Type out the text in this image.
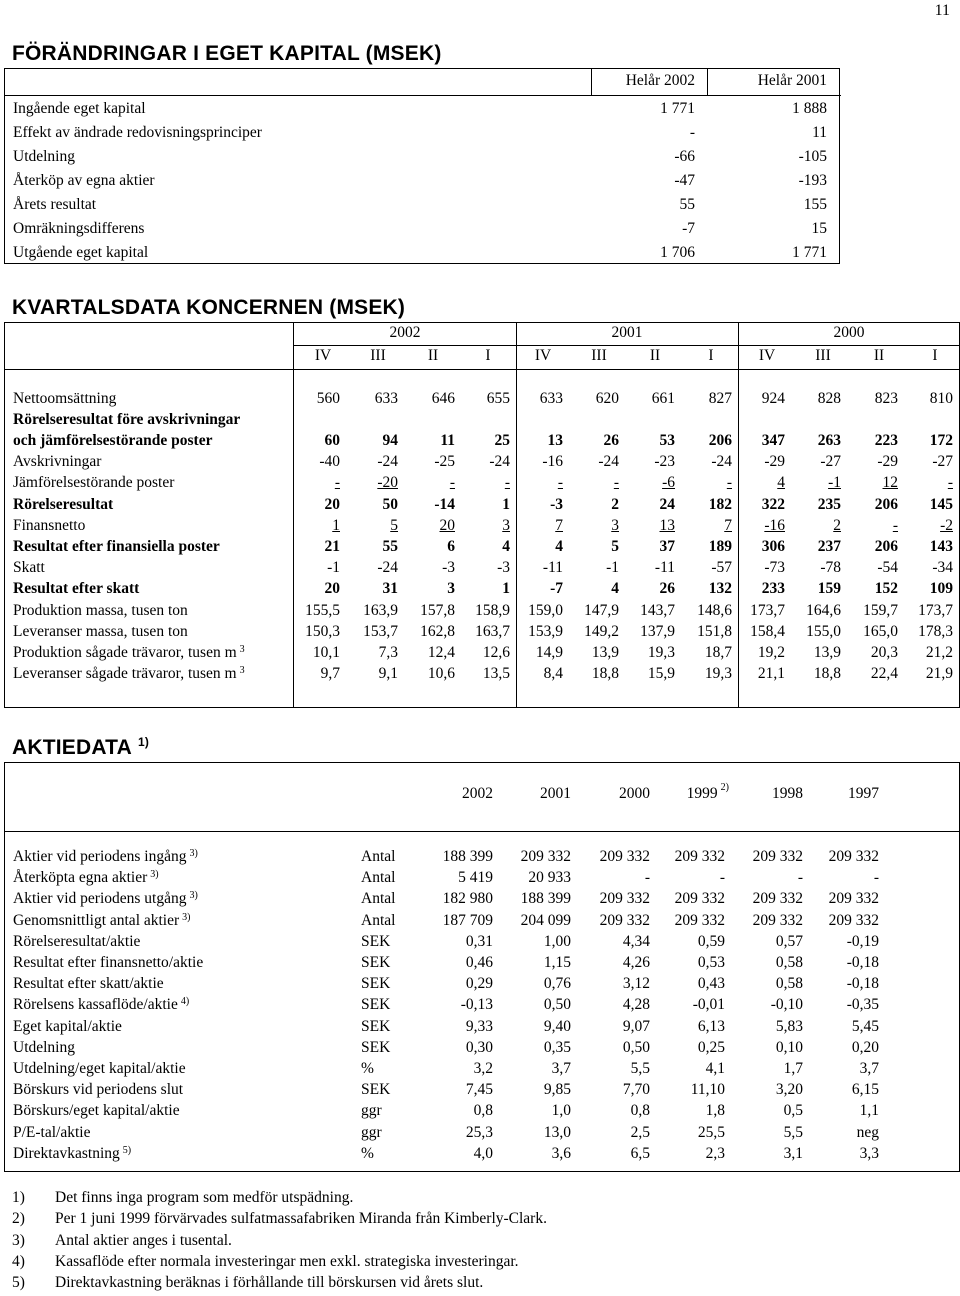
11
FÖRÄNDRINGAR I EGET KAPITAL (MSEK)
Helår 2002	Helår 2001
Ingående eget kapital	1 771	1 888
Effekt av ändrade redovisningsprinciper	-	11
Utdelning	-66	-105
Återköp av egna aktier	-47	-193
Årets resultat	55	155
Omräkningsdifferens	-7	15
Utgående eget kapital	1 706	1 771
KVARTALSDATA KONCERNEN (MSEK)
2002	2001	2000
IV	III	II	I	IV	III	II	I	IV	III	II	I
Nettoomsättning	560	633	646	655	633	620	661	827	924	828	823	810
Rörelseresultat före avskrivningar
och jämförelsestörande poster	60	94	11	25	13	26	53	206	347	263	223	172
Avskrivningar	-40	-24	-25	-24	-16	-24	-23	-24	-29	-27	-29	-27
Jämförelsestörande poster	-	-20	-	-	-	-	-6	-	4	-1	12	-
Rörelseresultat	20	50	-14	1	-3	2	24	182	322	235	206	145
Finansnetto	1	5	20	3	7	3	13	7	-16	2	-	-2
Resultat efter finansiella poster	21	55	6	4	4	5	37	189	306	237	206	143
Skatt	-1	-24	-3	-3	-11	-1	-11	-57	-73	-78	-54	-34
Resultat efter skatt	20	31	3	1	-7	4	26	132	233	159	152	109
Produktion massa, tusen ton	155,5	163,9	157,8	158,9	159,0	147,9	143,7	148,6	173,7	164,6	159,7	173,7
Leveranser massa, tusen ton	150,3	153,7	162,8	163,7	153,9	149,2	137,9	151,8	158,4	155,0	165,0	178,3
Produktion sågade trävaror, tusen m $^3$	10,1	7,3	12,4	12,6	14,9	13,9	19,3	18,7	19,2	13,9	20,3	21,2
Leveranser sågade trävaror, tusen m $^3$	9,7	9,1	10,6	13,5	8,4	18,8	15,9	19,3	21,1	18,8	22,4	21,9
AKTIEDATA $^{1)}$
2002	2001	2000	1999 $^{2)}$	1998	1997
Aktier vid periodens ingång $^{3)}$	Antal	188 399	209 332	209 332	209 332	209 332	209 332
Återköpta egna aktier $^{3)}$	Antal	5 419	20 933	-	-	-	-
Aktier vid periodens utgång $^{3)}$	Antal	182 980	188 399	209 332	209 332	209 332	209 332
Genomsnittligt antal aktier $^{3)}$	Antal	187 709	204 099	209 332	209 332	209 332	209 332
Rörelseresultat/aktie	SEK	0,31	1,00	4,34	0,59	0,57	-0,19
Resultat efter finansnetto/aktie	SEK	0,46	1,15	4,26	0,53	0,58	-0,18
Resultat efter skatt/aktie	SEK	0,29	0,76	3,12	0,43	0,58	-0,18
Rörelsens kassaflöde/aktie $^{4)}$	SEK	-0,13	0,50	4,28	-0,01	-0,10	-0,35
Eget kapital/aktie	SEK	9,33	9,40	9,07	6,13	5,83	5,45
Utdelning	SEK	0,30	0,35	0,50	0,25	0,10	0,20
Utdelning/eget kapital/aktie	%	3,2	3,7	5,5	4,1	1,7	3,7
Börskurs vid periodens slut	SEK	7,45	9,85	7,70	11,10	3,20	6,15
Börskurs/eget kapital/aktie	ggr	0,8	1,0	0,8	1,8	0,5	1,1
P/E-tal/aktie	ggr	25,3	13,0	2,5	25,5	5,5	neg
Direktavkastning $^{5)}$	%	4,0	3,6	6,5	2,3	3,1	3,3
1) Det finns inga program som medför utspädning.
2) Per 1 juni 1999 förvärvades sulfatmassafabriken Miranda från Kimberly-Clark.
3) Antal aktier anges i tusental.
4) Kassaflöde efter normala investeringar men exkl. strategiska investeringar.
5) Direktavkastning beräknas i förhållande till börskursen vid årets slut.
